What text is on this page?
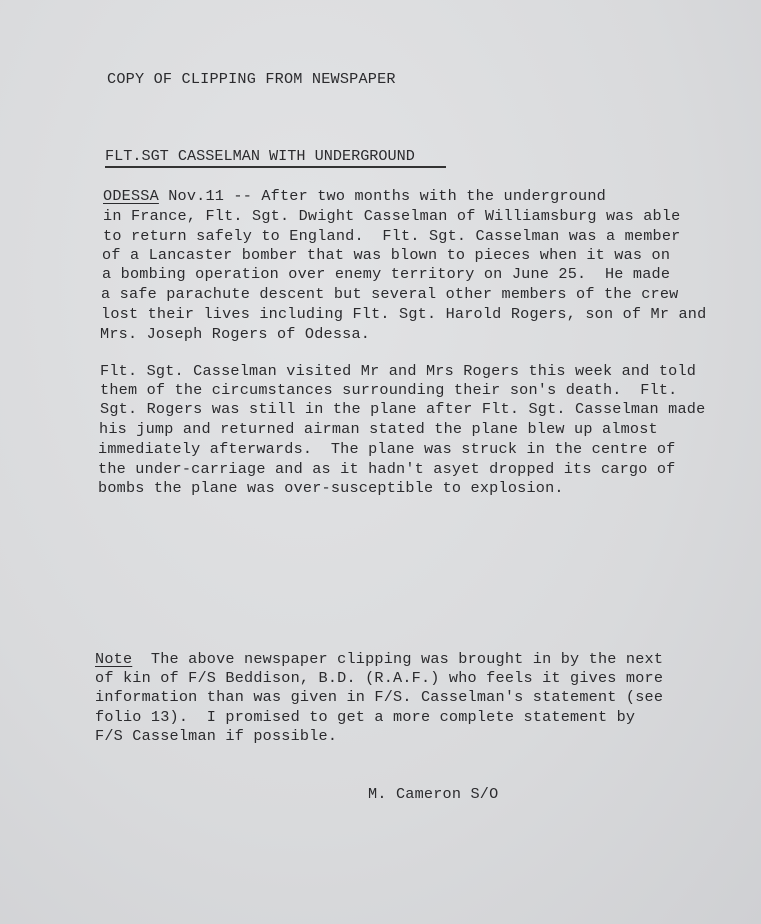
COPY OF CLIPPING FROM NEWSPAPER
FLT.SGT CASSELMAN WITH UNDERGROUND
ODESSA Nov.11 -- After two months with the underground
in France, Flt. Sgt. Dwight Casselman of Williamsburg was able
to return safely to England.  Flt. Sgt. Casselman was a member
of a Lancaster bomber that was blown to pieces when it was on
a bombing operation over enemy territory on June 25.  He made
a safe parachute descent but several other members of the crew
lost their lives including Flt. Sgt. Harold Rogers, son of Mr and
Mrs. Joseph Rogers of Odessa.
Flt. Sgt. Casselman visited Mr and Mrs Rogers this week and told
them of the circumstances surrounding their son's death.  Flt.
Sgt. Rogers was still in the plane after Flt. Sgt. Casselman made
his jump and returned airman stated the plane blew up almost
immediately afterwards.  The plane was struck in the centre of
the under-carriage and as it hadn't asyet dropped its cargo of
bombs the plane was over-susceptible to explosion.
Note  The above newspaper clipping was brought in by the next
of kin of F/S Beddison, B.D. (R.A.F.) who feels it gives more
information than was given in F/S. Casselman's statement (see
folio 13).  I promised to get a more complete statement by
F/S Casselman if possible.
M. Cameron S/O
